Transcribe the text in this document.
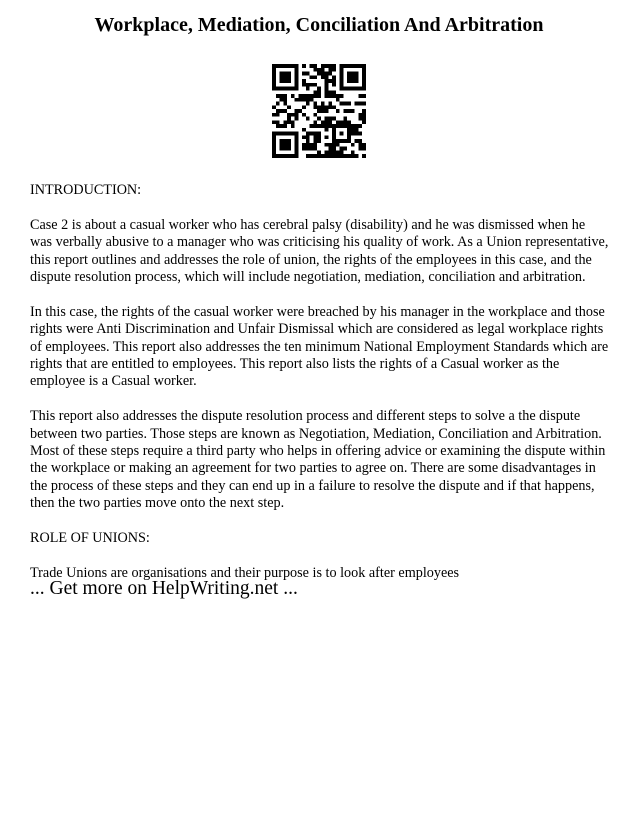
Workplace, Mediation, Conciliation And Arbitration

INTRODUCTION:

Case 2 is about a casual worker who has cerebral palsy (disability) and he was dismissed when he was verbally abusive to a manager who was criticising his quality of work. As a Union representative, this report outlines and addresses the role of union, the rights of the employees in this case, and the dispute resolution process, which will include negotiation, mediation, conciliation and arbitration.

In this case, the rights of the casual worker were breached by his manager in the workplace and those rights were Anti Discrimination and Unfair Dismissal which are considered as legal workplace rights of employees. This report also addresses the ten minimum National Employment Standards which are rights that are entitled to employees. This report also lists the rights of a Casual worker as the employee is a Casual worker.

This report also addresses the dispute resolution process and different steps to solve a the dispute between two parties. Those steps are known as Negotiation, Mediation, Conciliation and Arbitration. Most of these steps require a third party who helps in offering advice or examining the dispute within the workplace or making an agreement for two parties to agree on. There are some disadvantages in the process of these steps and they can end up in a failure to resolve the dispute and if that happens, then the two parties move onto the next step.

ROLE OF UNIONS:

Trade Unions are organisations and their purpose is to look after employees

... Get more on HelpWriting.net ...
